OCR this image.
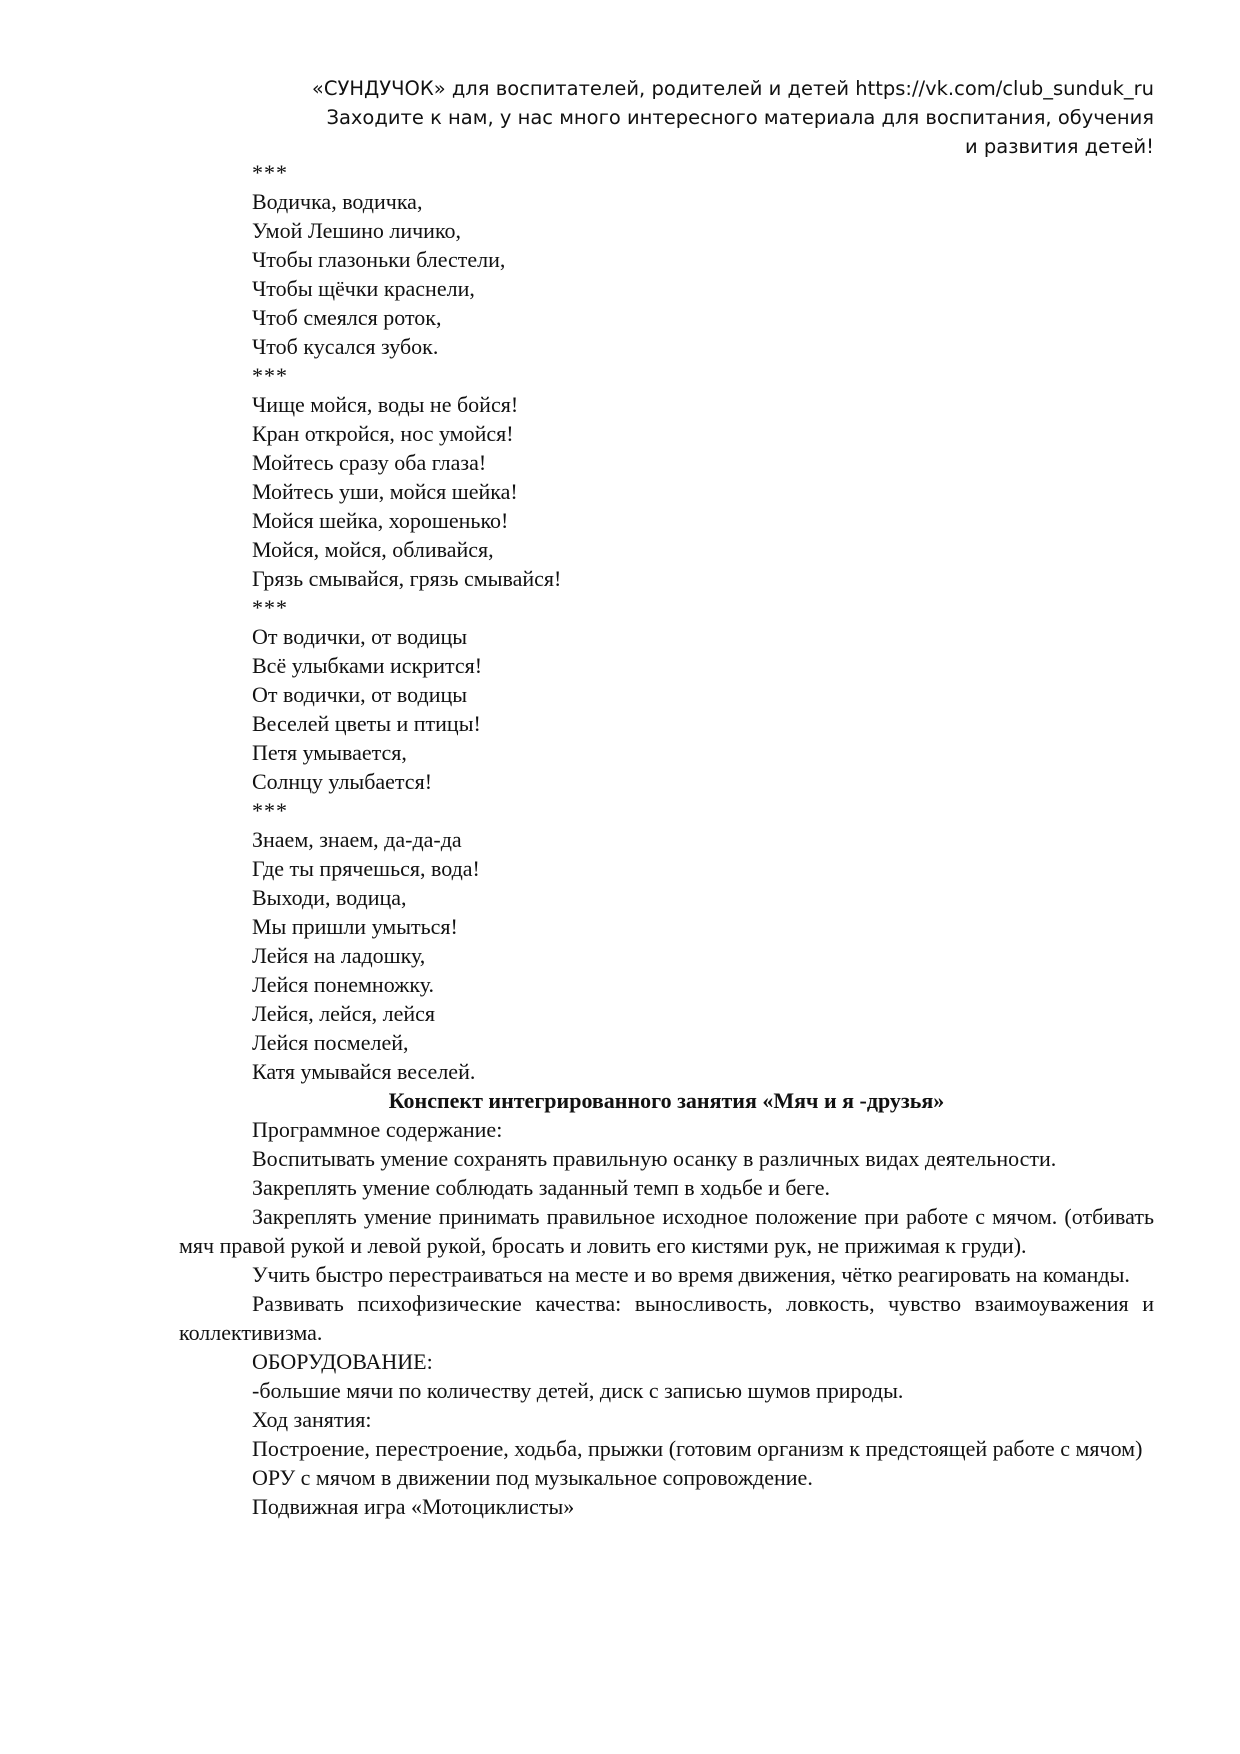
«СУНДУЧОК» для воспитателей, родителей и детей https://vk.com/club_sunduk_ru
Заходите к нам, у нас много интересного материала для воспитания, обучения
и развития детей!
***
Водичка, водичка,
Умой Лешино личико,
Чтобы глазоньки блестели,
Чтобы щёчки краснели,
Чтоб смеялся роток,
Чтоб кусался зубок.
***
Чище мойся, воды не бойся!
Кран откройся, нос умойся!
Мойтесь сразу оба глаза!
Мойтесь уши, мойся шейка!
Мойся шейка, хорошенько!
Мойся, мойся, обливайся,
Грязь смывайся, грязь смывайся!
***
От водички, от водицы
Всё улыбками искрится!
От водички, от водицы
Веселей цветы и птицы!
Петя умывается,
Солнцу улыбается!
***
Знаем, знаем, да-да-да
Где ты прячешься, вода!
Выходи, водица,
Мы пришли умыться!
Лейся на ладошку,
Лейся понемножку.
Лейся, лейся, лейся
Лейся посмелей,
Катя умывайся веселей.
Конспект интегрированного занятия «Мяч и я -друзья»
Программное содержание:
Воспитывать умение сохранять правильную осанку в различных видах деятельности.
Закреплять умение соблюдать заданный темп в ходьбе и беге.
Закреплять умение принимать правильное исходное положение при работе с мячом. (отбивать мяч правой рукой и левой рукой, бросать и ловить его кистями рук, не прижимая к груди).
Учить быстро перестраиваться на месте и во время движения, чётко реагировать на команды.
Развивать психофизические качества: выносливость, ловкость, чувство взаимоуважения и коллективизма.
ОБОРУДОВАНИЕ:
-большие мячи по количеству детей, диск с записью шумов природы.
Ход занятия:
Построение, перестроение, ходьба, прыжки (готовим организм к предстоящей работе с мячом)
ОРУ с мячом в движении под музыкальное сопровождение.
Подвижная игра «Мотоциклисты»
